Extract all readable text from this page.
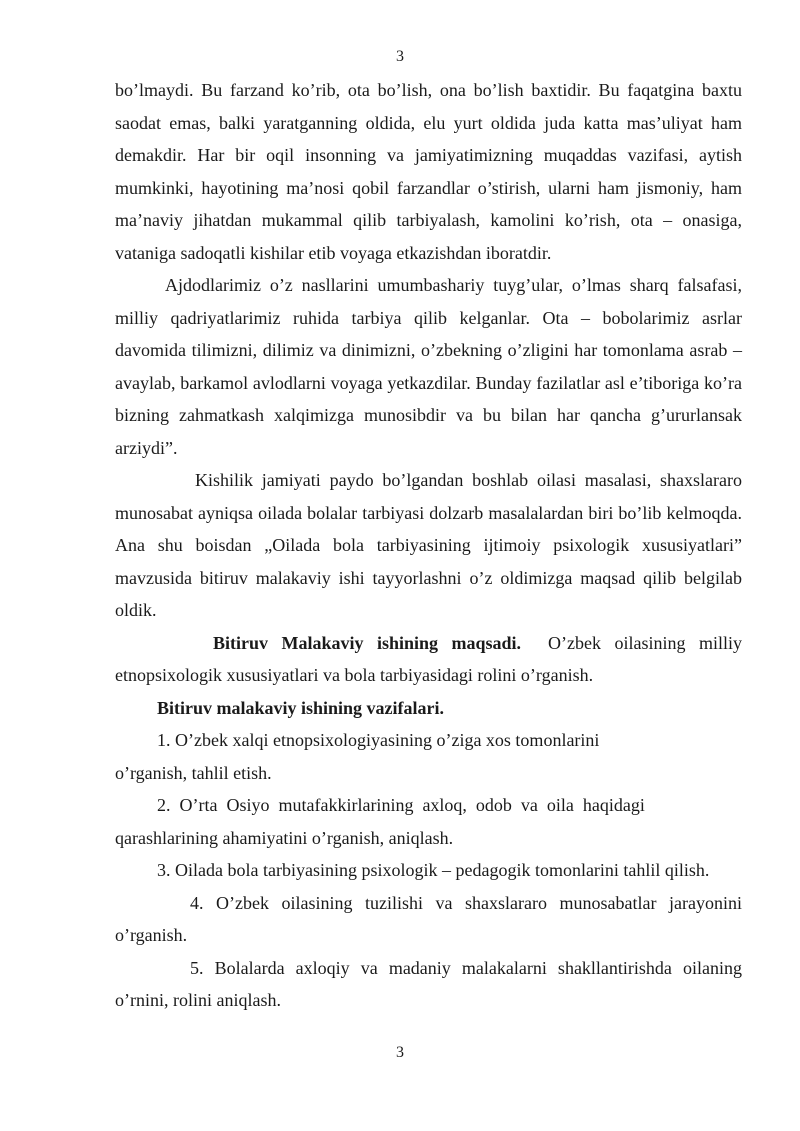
3

bo’lmaydi. Bu farzand ko’rib, ota bo’lish, ona bo’lish baxtidir. Bu faqatgina baxtu saodat emas, balki yaratganning oldida, elu yurt oldida juda katta mas’uliyat ham demakdir. Har bir oqil insonning va jamiyatimizning muqaddas vazifasi, aytish mumkinki, hayotining ma’nosi qobil farzandlar o’stirish, ularni ham jismoniy, ham ma’naviy jihatdan mukammal qilib tarbiyalash, kamolini ko’rish, ota – onasiga, vataniga sadoqatli kishilar etib voyaga etkazishdan iboratdir.

Ajdodlarimiz o’z nasllarini umumbashariy tuyg’ular, o’lmas sharq falsafasi, milliy qadriyatlarimiz ruhida tarbiya qilib kelganlar. Ota – bobolarimiz asrlar davomida tilimizni, dilimiz va dinimizni, o’zbekning o’zligini har tomonlama asrab – avaylab, barkamol avlodlarni voyaga yetkazdilar. Bunday fazilatlar asl e’tiboriga ko’ra bizning zahmatkash xalqimizga munosibdir va bu bilan har qancha g’ururlansak arziydi”.

Kishilik jamiyati paydo bo’lgandan boshlab oilasi masalasi, shaxslararo munosabat ayniqsa oilada bolalar tarbiyasi dolzarb masalalardan biri bo’lib kelmoqda. Ana shu boisdan „Oilada bola tarbiyasining ijtimoiy psixologik xususiyatlari” mavzusida bitiruv malakaviy ishi tayyorlashni o’z oldimizga maqsad qilib belgilab oldik.

Bitiruv Malakaviy ishining maqsadi. O’zbek oilasining milliy etnopsixologik xususiyatlari va bola tarbiyasidagi rolini o’rganish.

Bitiruv malakaviy ishining vazifalari.

1. O’zbek xalqi etnopsixologiyasining o’ziga xos tomonlarini
o’rganish, tahlil etish.

2.  O’rta  Osiyo  mutafakkirlarining  axloq,  odob  va  oila  haqidagi
qarashlarining ahamiyatini o’rganish, aniqlash.

3. Oilada bola tarbiyasining psixologik – pedagogik tomonlarini tahlil qilish.

4. O’zbek oilasining tuzilishi va shaxslararo munosabatlar jarayonini o’rganish.

5. Bolalarda axloqiy va madaniy malakalarni shakllantirishda oilaning o’rnini, rolini aniqlash.

3
